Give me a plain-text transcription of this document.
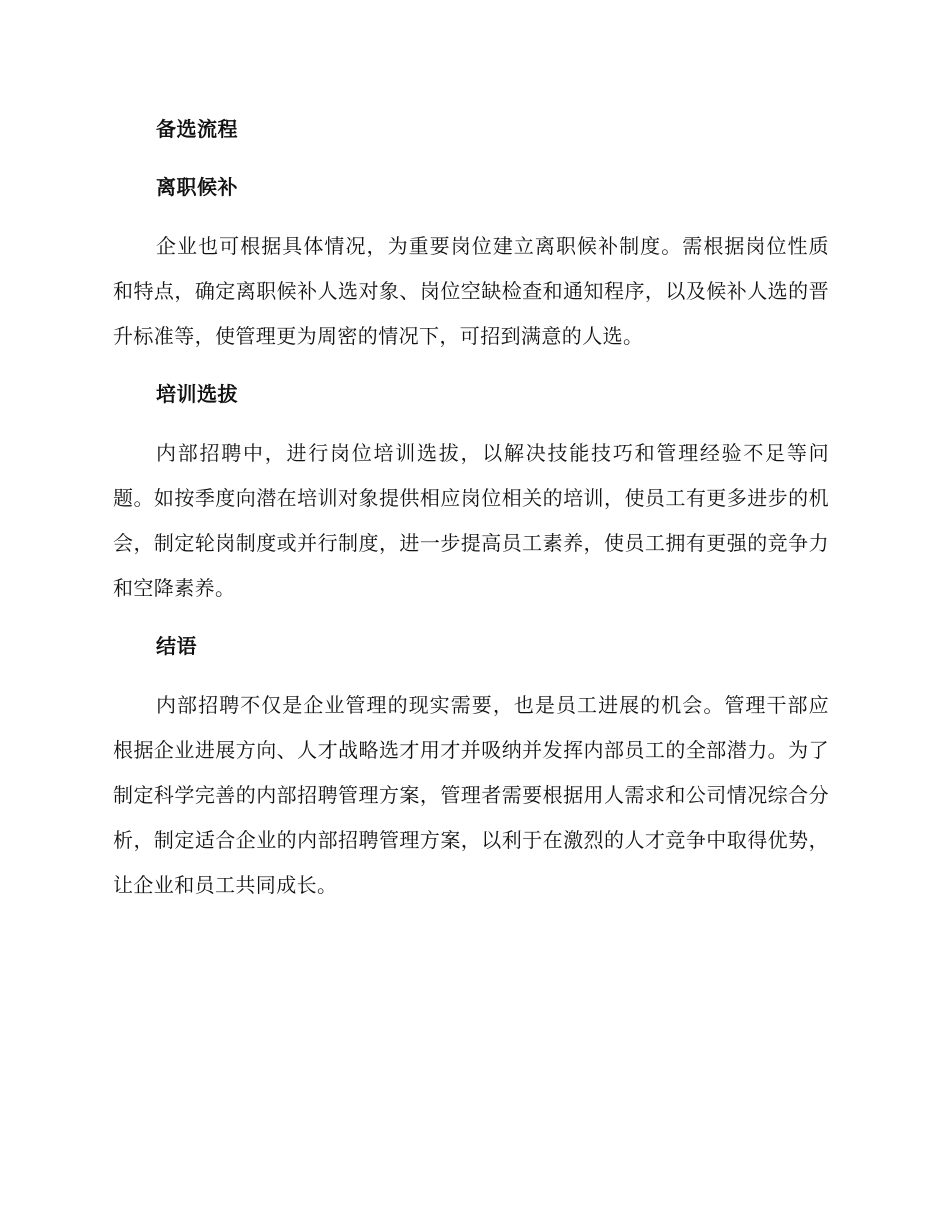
备选流程
离职候补

企业也可根据具体情况，为重要岗位建立离职候补制度。需根据岗位性质和特点，确定离职候补人选对象、岗位空缺检查和通知程序，以及候补人选的晋升标准等，使管理更为周密的情况下，可招到满意的人选。

培训选拔

内部招聘中，进行岗位培训选拔，以解决技能技巧和管理经验不足等问题。如按季度向潜在培训对象提供相应岗位相关的培训，使员工有更多进步的机会，制定轮岗制度或并行制度，进一步提高员工素养，使员工拥有更强的竞争力和空降素养。

结语

内部招聘不仅是企业管理的现实需要，也是员工进展的机会。管理干部应根据企业进展方向、人才战略选才用才并吸纳并发挥内部员工的全部潜力。为了制定科学完善的内部招聘管理方案，管理者需要根据用人需求和公司情况综合分析，制定适合企业的内部招聘管理方案，以利于在激烈的人才竞争中取得优势，让企业和员工共同成长。
